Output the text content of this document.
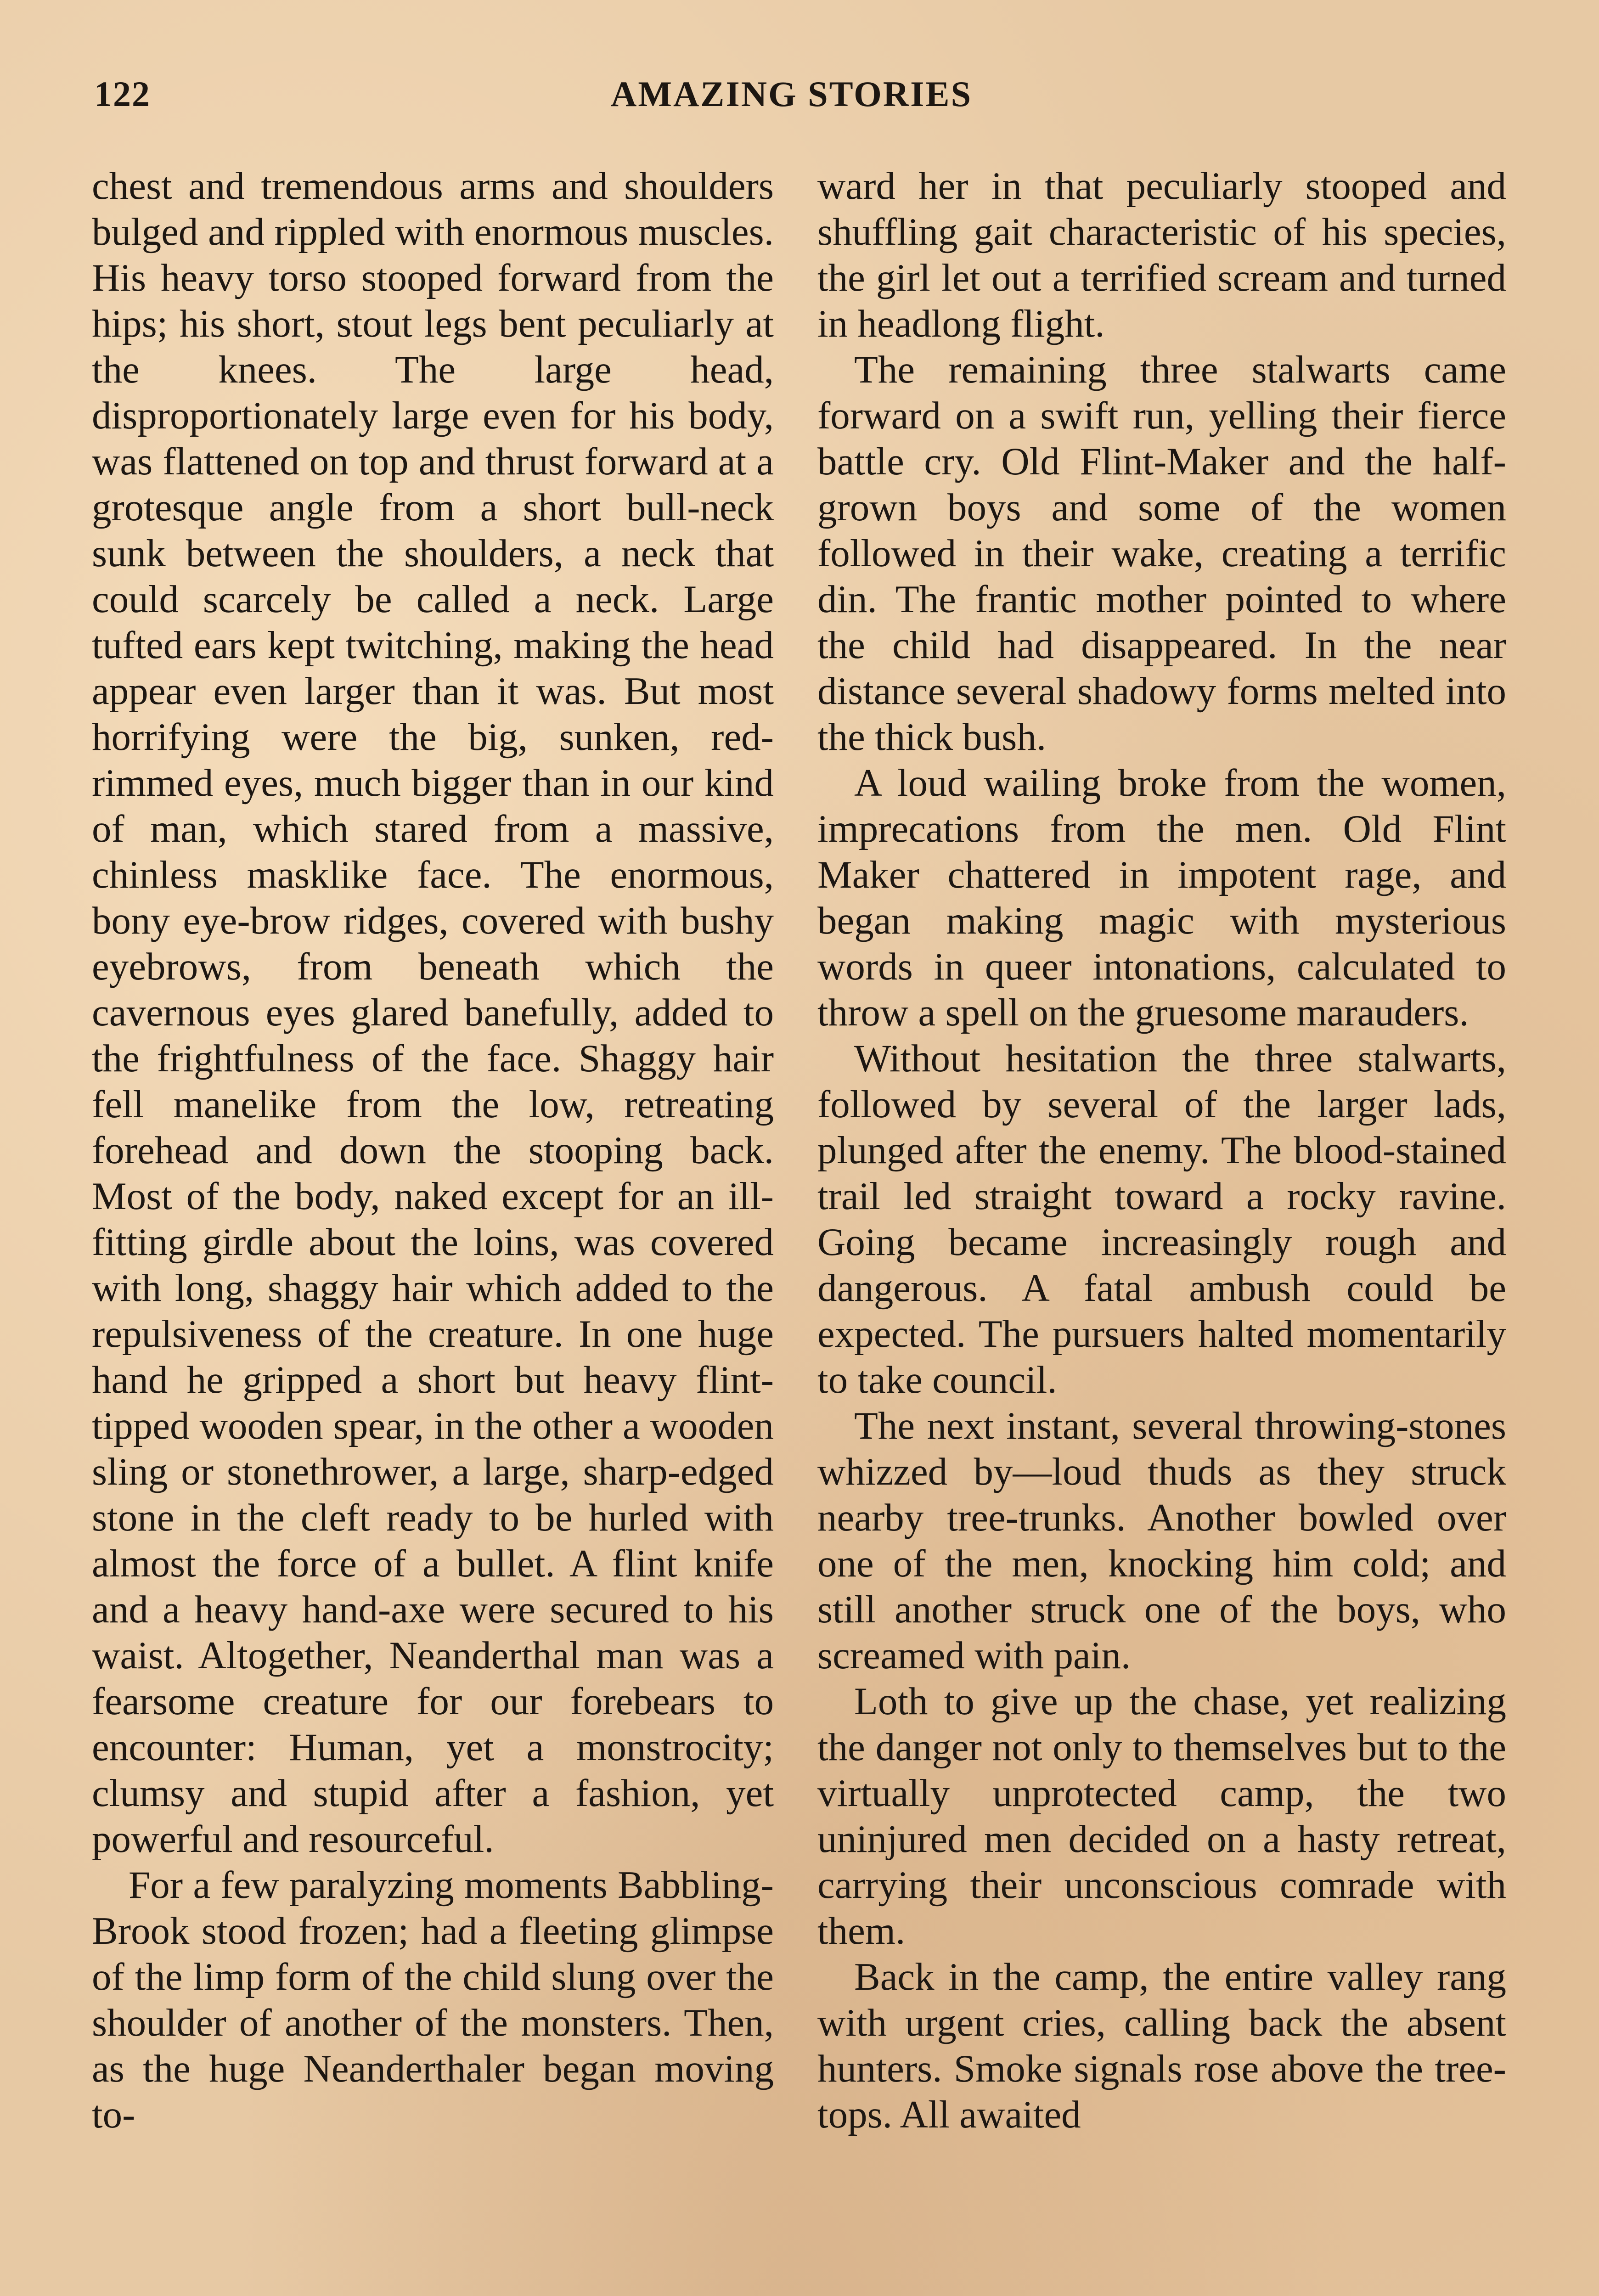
122	AMAZING STORIES

chest and tremendous arms and shoulders bulged and rippled with enormous muscles. His heavy torso stooped forward from the hips; his short, stout legs bent peculiarly at the knees. The large head, disproportionately large even for his body, was flattened on top and thrust forward at a grotesque angle from a short bull-neck sunk between the shoulders, a neck that could scarcely be called a neck. Large tufted ears kept twitching, making the head appear even larger than it was. But most horrifying were the big, sunken, red-rimmed eyes, much bigger than in our kind of man, which stared from a massive, chinless masklike face. The enormous, bony eye-brow ridges, covered with bushy eyebrows, from beneath which the cavernous eyes glared banefully, added to the frightfulness of the face. Shaggy hair fell manelike from the low, retreating forehead and down the stooping back. Most of the body, naked except for an ill-fitting girdle about the loins, was covered with long, shaggy hair which added to the repulsiveness of the creature. In one huge hand he gripped a short but heavy flint-tipped wooden spear, in the other a wooden sling or stonethrower, a large, sharp-edged stone in the cleft ready to be hurled with almost the force of a bullet. A flint knife and a heavy hand-axe were secured to his waist. Altogether, Neanderthal man was a fearsome creature for our forebears to encounter: Human, yet a monstrocity; clumsy and stupid after a fashion, yet powerful and resourceful.

For a few paralyzing moments Babbling-Brook stood frozen; had a fleeting glimpse of the limp form of the child slung over the shoulder of another of the monsters. Then, as the huge Neanderthaler began moving to-

ward her in that peculiarly stooped and shuffling gait characteristic of his species, the girl let out a terrified scream and turned in headlong flight.

The remaining three stalwarts came forward on a swift run, yelling their fierce battle cry. Old Flint-Maker and the half-grown boys and some of the women followed in their wake, creating a terrific din. The frantic mother pointed to where the child had disappeared. In the near distance several shadowy forms melted into the thick bush.

A loud wailing broke from the women, imprecations from the men. Old Flint Maker chattered in impotent rage, and began making magic with mysterious words in queer intonations, calculated to throw a spell on the gruesome marauders.

Without hesitation the three stalwarts, followed by several of the larger lads, plunged after the enemy. The blood-stained trail led straight toward a rocky ravine. Going became increasingly rough and dangerous. A fatal ambush could be expected. The pursuers halted momentarily to take council.

The next instant, several throwing-stones whizzed by—loud thuds as they struck nearby tree-trunks. Another bowled over one of the men, knocking him cold; and still another struck one of the boys, who screamed with pain.

Loth to give up the chase, yet realizing the danger not only to themselves but to the virtually unprotected camp, the two uninjured men decided on a hasty retreat, carrying their unconscious comrade with them.

Back in the camp, the entire valley rang with urgent cries, calling back the absent hunters. Smoke signals rose above the tree-tops. All awaited
